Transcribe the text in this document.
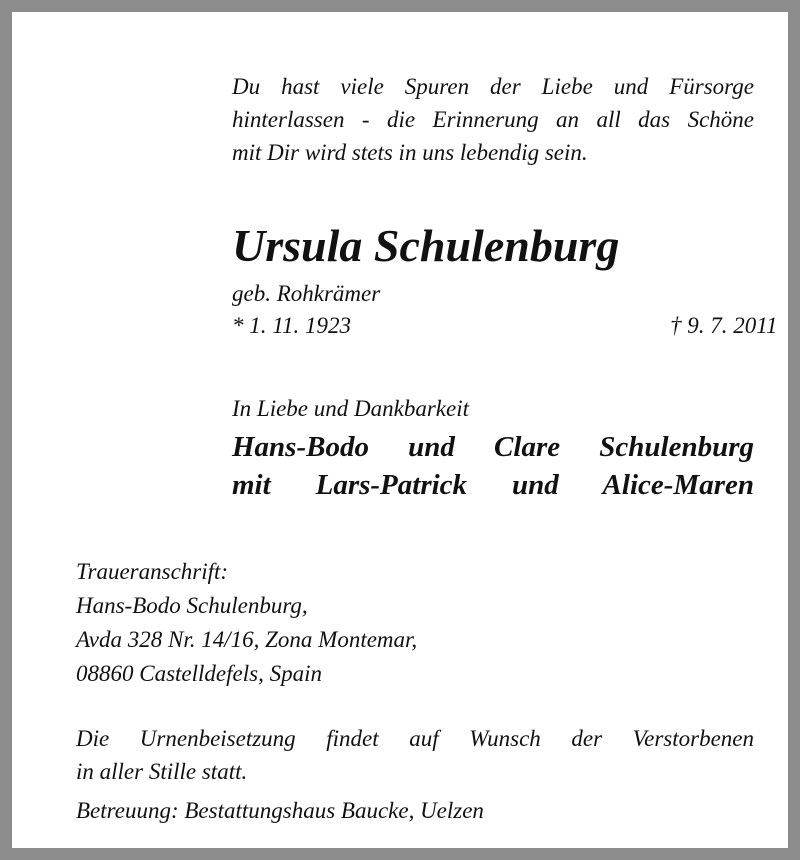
Du hast viele Spuren der Liebe und Fürsorge
hinterlassen - die Erinnerung an all das Schöne
mit Dir wird stets in uns lebendig sein.
Ursula Schulenburg
geb. Rohkrämer
* 1. 11. 1923	† 9. 7. 2011
In Liebe und Dankbarkeit
Hans-Bodo und Clare Schulenburg
mit Lars-Patrick und Alice-Maren
Traueranschrift:
Hans-Bodo Schulenburg,
Avda 328 Nr. 14/16, Zona Montemar,
08860 Castelldefels, Spain
Die Urnenbeisetzung findet auf Wunsch der Verstorbenen
in aller Stille statt.
Betreuung: Bestattungshaus Baucke, Uelzen
